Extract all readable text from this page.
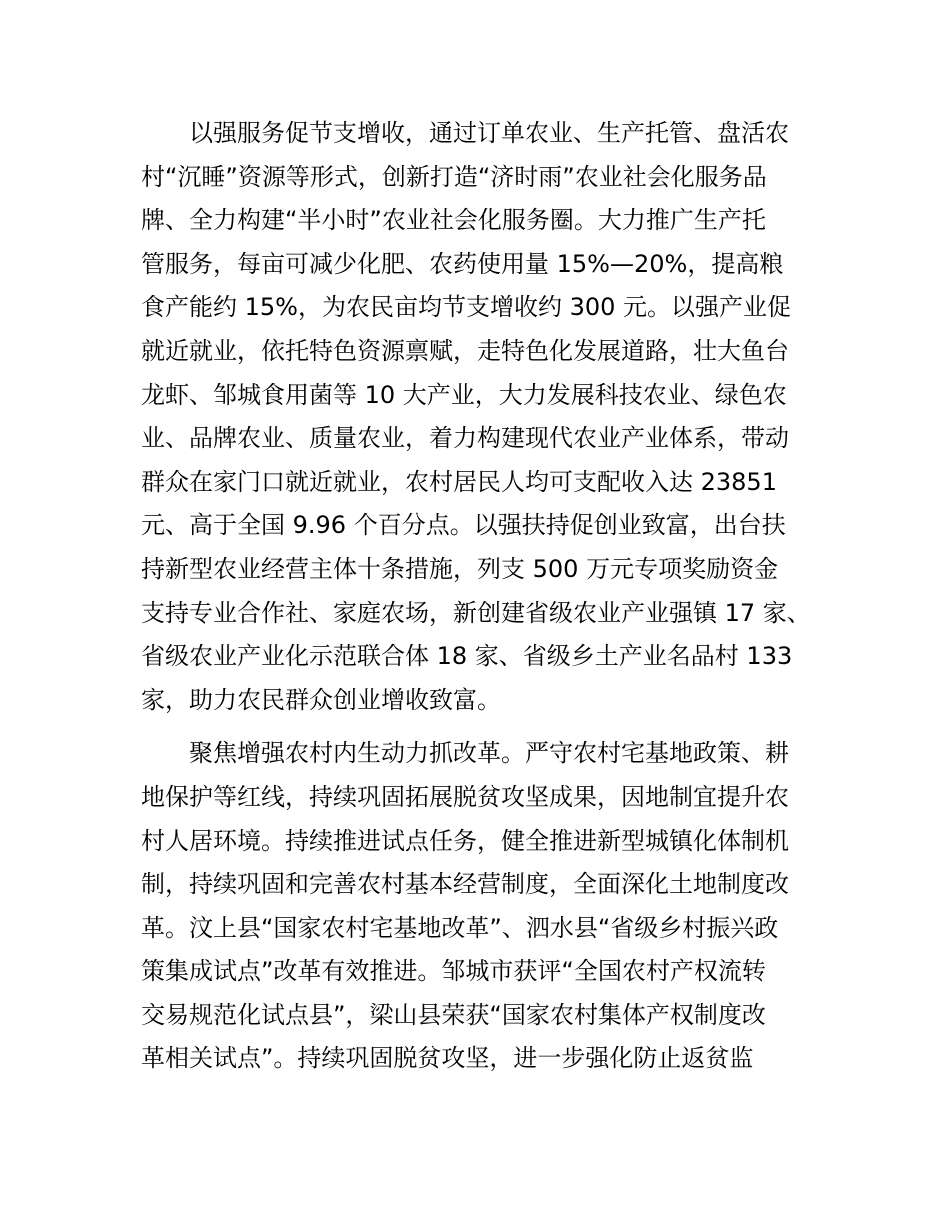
以强服务促节支增收，通过订单农业、生产托管、盘活农
村“沉睡”资源等形式，创新打造“济时雨”农业社会化服务品
牌、全力构建“半小时”农业社会化服务圈。大力推广生产托
管服务，每亩可减少化肥、农药使用量 15%—20%，提高粮
食产能约 15%，为农民亩均节支增收约 300 元。以强产业促
就近就业，依托特色资源禀赋，走特色化发展道路，壮大鱼台
龙虾、邹城食用菌等 10 大产业，大力发展科技农业、绿色农
业、品牌农业、质量农业，着力构建现代农业产业体系，带动
群众在家门口就近就业，农村居民人均可支配收入达 23851
元、高于全国 9.96 个百分点。以强扶持促创业致富，出台扶
持新型农业经营主体十条措施，列支 500 万元专项奖励资金
支持专业合作社、家庭农场，新创建省级农业产业强镇 17 家、
省级农业产业化示范联合体 18 家、省级乡土产业名品村 133
家，助力农民群众创业增收致富。
聚焦增强农村内生动力抓改革。严守农村宅基地政策、耕
地保护等红线，持续巩固拓展脱贫攻坚成果，因地制宜提升农
村人居环境。持续推进试点任务，健全推进新型城镇化体制机
制，持续巩固和完善农村基本经营制度，全面深化土地制度改
革。汶上县“国家农村宅基地改革”、泗水县“省级乡村振兴政
策集成试点”改革有效推进。邹城市获评“全国农村产权流转
交易规范化试点县”，梁山县荣获“国家农村集体产权制度改
革相关试点”。持续巩固脱贫攻坚，进一步强化防止返贫监
